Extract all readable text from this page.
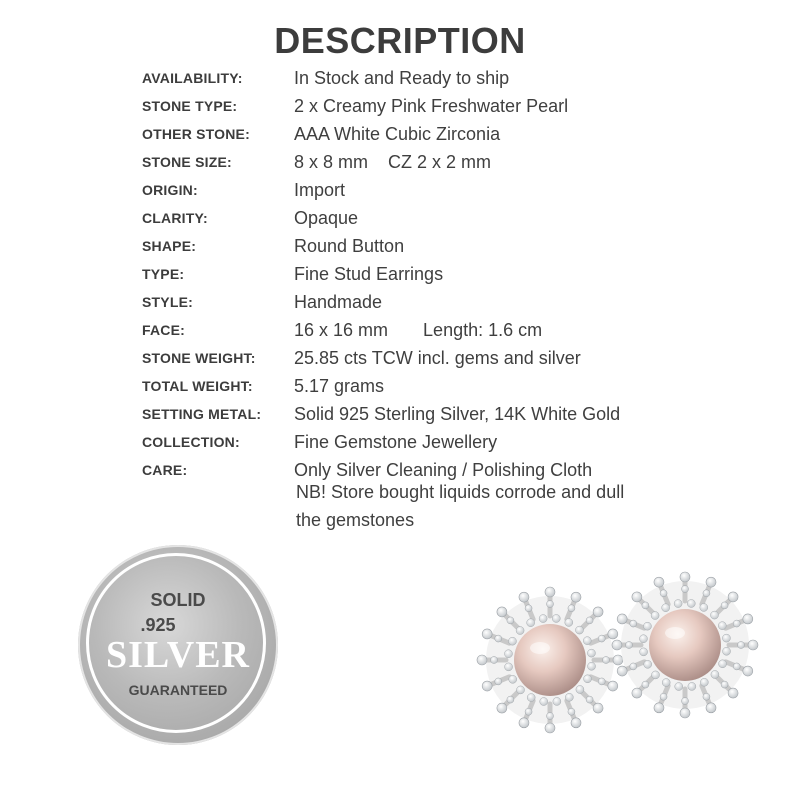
DESCRIPTION
AVAILABILITY:	In Stock and Ready to ship
STONE TYPE:	2 x Creamy Pink Freshwater Pearl
OTHER STONE:	AAA White Cubic Zirconia
STONE SIZE:	8 x 8 mm    CZ 2 x 2 mm
ORIGIN:	Import
CLARITY:	Opaque
SHAPE:	Round Button
TYPE:	Fine Stud Earrings
STYLE:	Handmade
FACE:	16 x 16 mm       Length: 1.6 cm
STONE WEIGHT:	25.85 cts TCW incl. gems and silver
TOTAL WEIGHT:	5.17 grams
SETTING METAL:	Solid 925 Sterling Silver, 14K White Gold
COLLECTION:	Fine Gemstone Jewellery
CARE:	Only Silver Cleaning / Polishing Cloth
NB! Store bought liquids corrode and dull
the gemstones
SOLID
.925
SILVER
GUARANTEED
